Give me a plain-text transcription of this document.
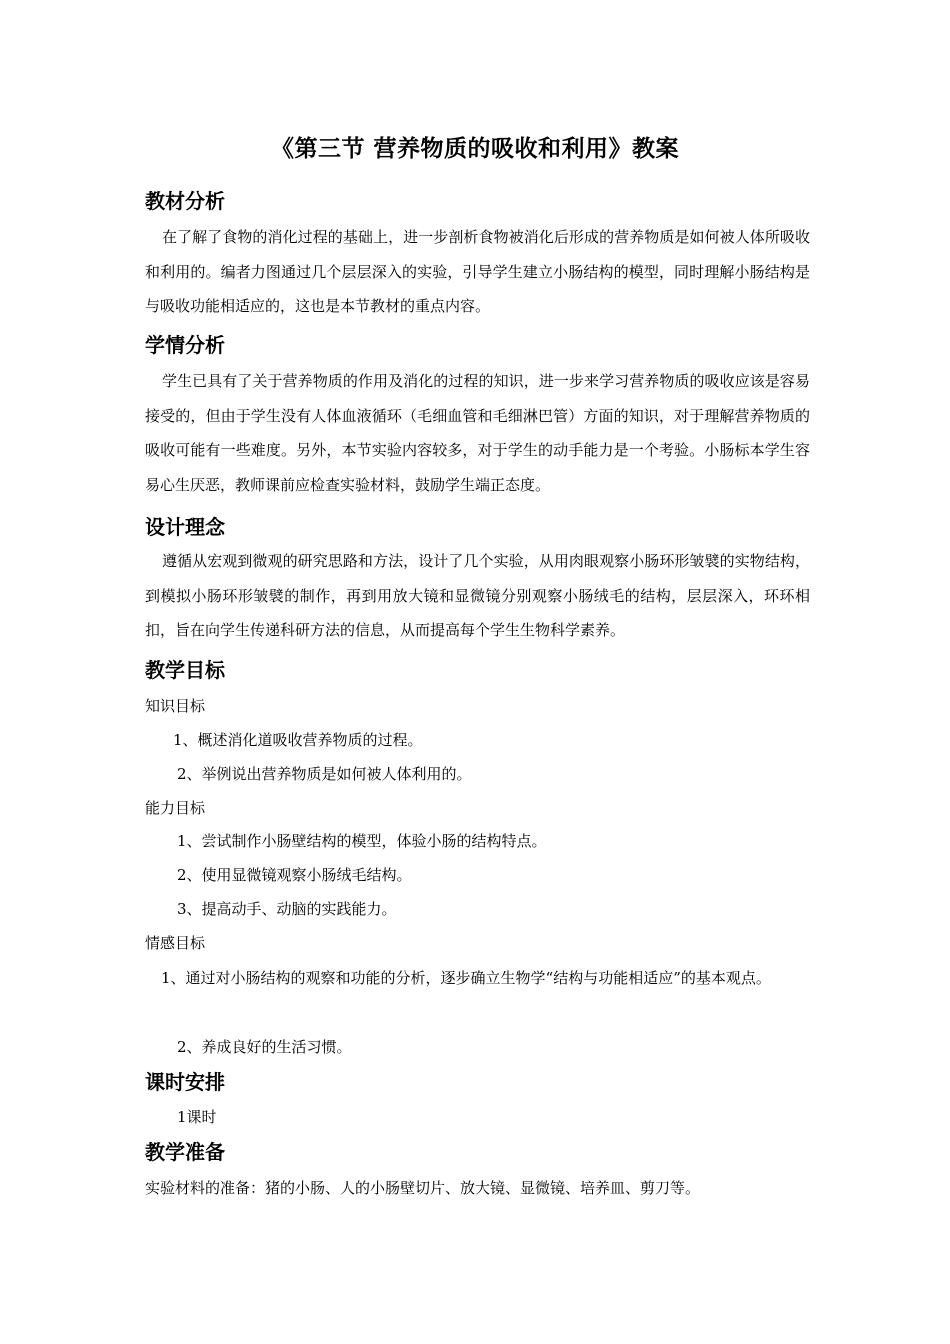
《第三节 营养物质的吸收和利用》教案
教材分析

在了解了食物的消化过程的基础上，进一步剖析食物被消化后形成的营养物质是如何被人体所吸收和利用的。编者力图通过几个层层深入的实验，引导学生建立小肠结构的模型，同时理解小肠结构是与吸收功能相适应的，这也是本节教材的重点内容。

学情分析

学生已具有了关于营养物质的作用及消化的过程的知识，进一步来学习营养物质的吸收应该是容易接受的，但由于学生没有人体血液循环（毛细血管和毛细淋巴管）方面的知识，对于理解营养物质的吸收可能有一些难度。另外，本节实验内容较多，对于学生的动手能力是一个考验。小肠标本学生容易心生厌恶，教师课前应检查实验材料，鼓励学生端正态度。

设计理念

遵循从宏观到微观的研究思路和方法，设计了几个实验，从用肉眼观察小肠环形皱襞的实物结构，到模拟小肠环形皱襞的制作，再到用放大镜和显微镜分别观察小肠绒毛的结构，层层深入，环环相扣，旨在向学生传递科研方法的信息，从而提高每个学生生物科学素养。

教学目标
知识目标
1、概述消化道吸收营养物质的过程。
2、举例说出营养物质是如何被人体利用的。
能力目标
1、尝试制作小肠壁结构的模型，体验小肠的结构特点。
2、使用显微镜观察小肠绒毛结构。
3、提高动手、动脑的实践能力。
情感目标

1、通过对小肠结构的观察和功能的分析，逐步确立生物学“结构与功能相适应”的基本观点。

2、养成良好的生活习惯。
课时安排
1课时
教学准备
实验材料的准备：猪的小肠、人的小肠壁切片、放大镜、显微镜、培养皿、剪刀等。
